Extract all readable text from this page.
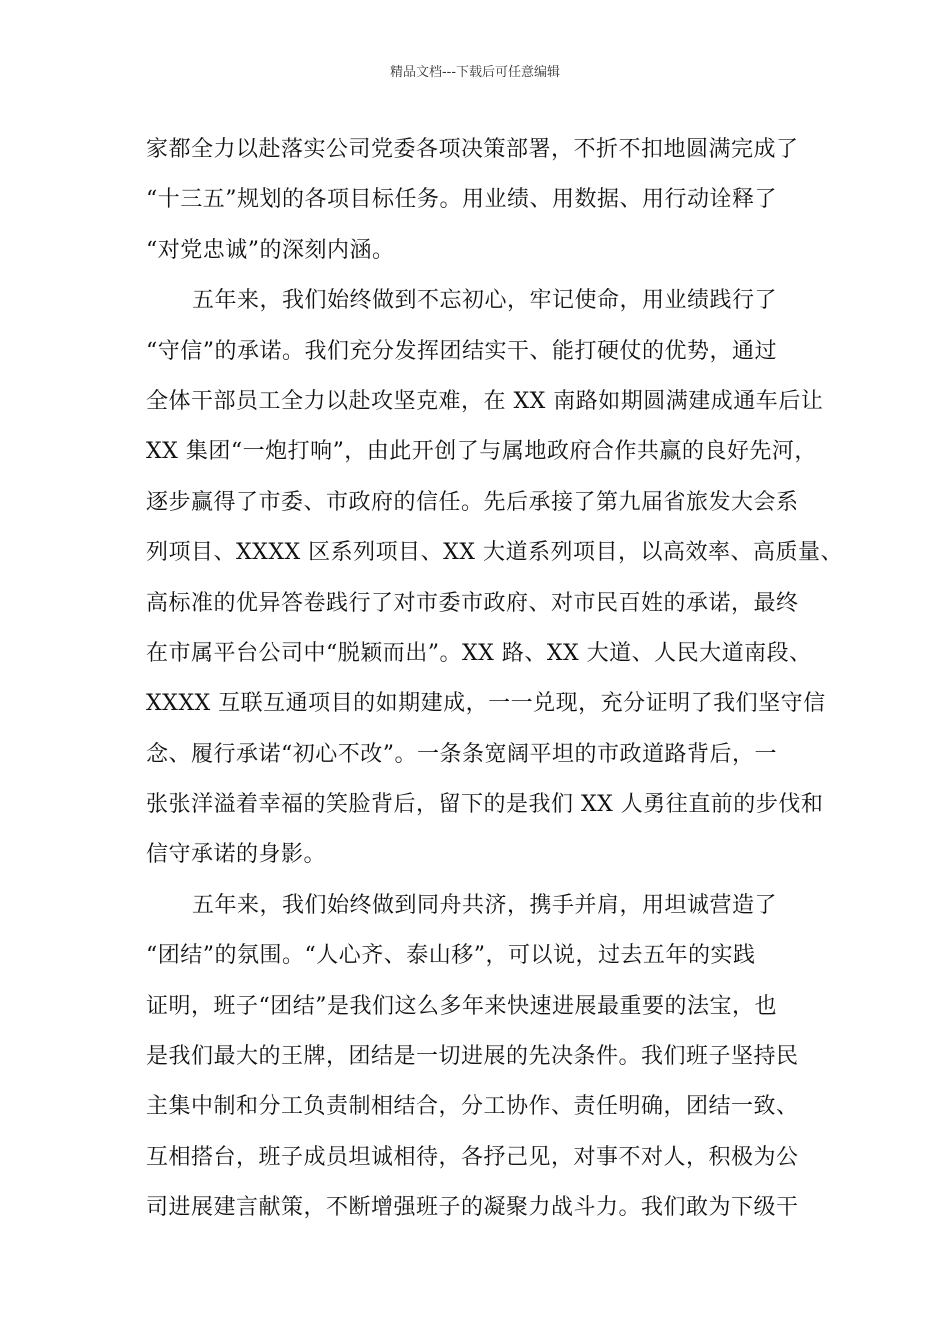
精品文档---下载后可任意编辑
家都全力以赴落实公司党委各项决策部署，不折不扣地圆满完成了
“十三五”规划的各项目标任务。用业绩、用数据、用行动诠释了
“对党忠诚”的深刻内涵。
五年来，我们始终做到不忘初心，牢记使命，用业绩践行了
“守信”的承诺。我们充分发挥团结实干、能打硬仗的优势，通过
全体干部员工全力以赴攻坚克难，在 XX 南路如期圆满建成通车后让
XX 集团“一炮打响”，由此开创了与属地政府合作共赢的良好先河，
逐步赢得了市委、市政府的信任。先后承接了第九届省旅发大会系
列项目、XXXX 区系列项目、XX 大道系列项目，以高效率、高质量、
高标准的优异答卷践行了对市委市政府、对市民百姓的承诺，最终
在市属平台公司中“脱颖而出”。XX 路、XX 大道、人民大道南段、
XXXX 互联互通项目的如期建成，一一兑现，充分证明了我们坚守信
念、履行承诺“初心不改”。一条条宽阔平坦的市政道路背后，一
张张洋溢着幸福的笑脸背后，留下的是我们 XX 人勇往直前的步伐和
信守承诺的身影。
五年来，我们始终做到同舟共济，携手并肩，用坦诚营造了
“团结”的氛围。“人心齐、泰山移”，可以说，过去五年的实践
证明，班子“团结”是我们这么多年来快速进展最重要的法宝，也
是我们最大的王牌，团结是一切进展的先决条件。我们班子坚持民
主集中制和分工负责制相结合，分工协作、责任明确，团结一致、
互相搭台，班子成员坦诚相待，各抒己见，对事不对人，积极为公
司进展建言献策，不断增强班子的凝聚力战斗力。我们敢为下级干
